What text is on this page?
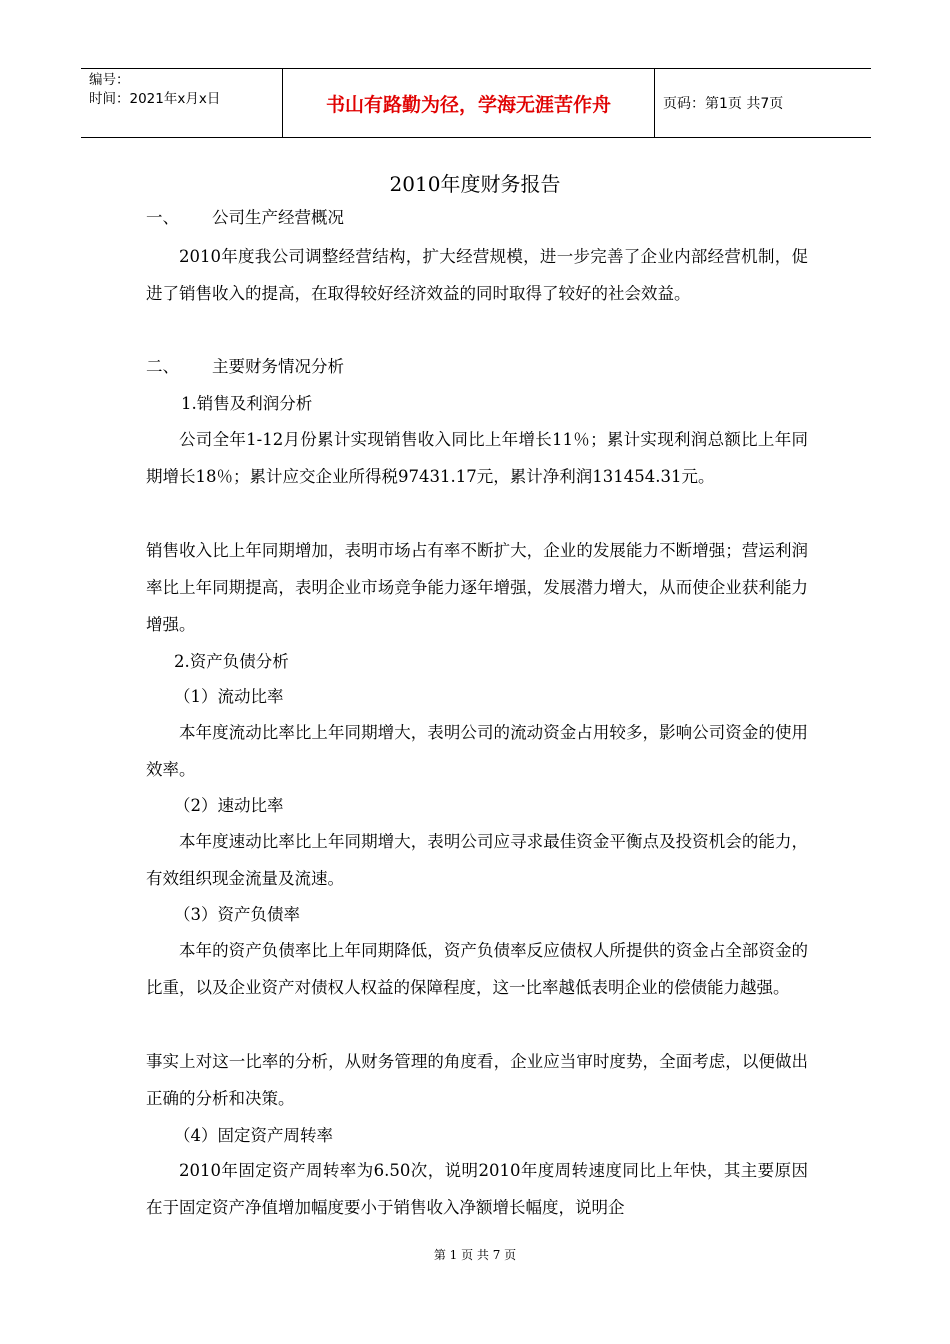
编号：
时间：2021年x月x日	书山有路勤为径，学海无涯苦作舟	页码：第1页 共7页
2010年度财务报告
一、 公司生产经营概况
2010年度我公司调整经营结构，扩大经营规模，进一步完善了企业内部经营机制，促进了销售收入的提高，在取得较好经济效益的同时取得了较好的社会效益。
二、 主要财务情况分析
1.销售及利润分析
公司全年1-12月份累计实现销售收入同比上年增长11％；累计实现利润总额比上年同期增长18％；累计应交企业所得税97431.17元，累计净利润131454.31元。
销售收入比上年同期增加，表明市场占有率不断扩大，企业的发展能力不断增强；营运利润率比上年同期提高，表明企业市场竞争能力逐年增强，发展潜力增大，从而使企业获利能力增强。
2.资产负债分析
（1）流动比率
本年度流动比率比上年同期增大，表明公司的流动资金占用较多，影响公司资金的使用效率。
（2）速动比率
本年度速动比率比上年同期增大，表明公司应寻求最佳资金平衡点及投资机会的能力，有效组织现金流量及流速。
（3）资产负债率
本年的资产负债率比上年同期降低，资产负债率反应债权人所提供的资金占全部资金的比重，以及企业资产对债权人权益的保障程度，这一比率越低表明企业的偿债能力越强。
事实上对这一比率的分析，从财务管理的角度看，企业应当审时度势，全面考虑，以便做出正确的分析和决策。
（4）固定资产周转率
2010年固定资产周转率为6.50次，说明2010年度周转速度同比上年快，其主要原因在于固定资产净值增加幅度要小于销售收入净额增长幅度，说明企
第 1 页 共 7 页
